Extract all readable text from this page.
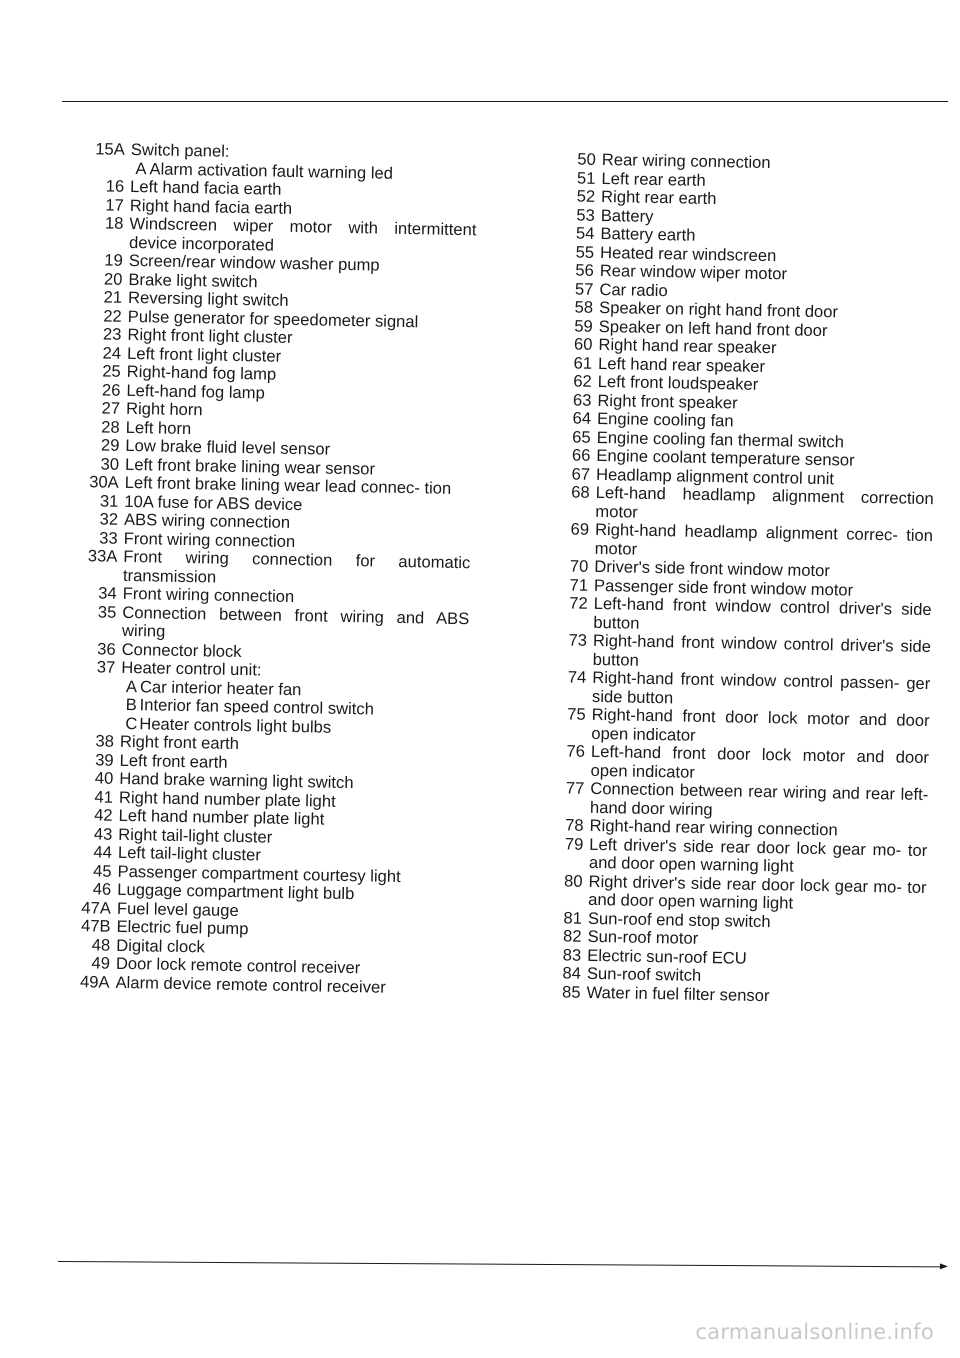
15A Switch panel:
A Alarm activation fault warning led
16 Left hand facia earth
17 Right hand facia earth
18 Windscreen wiper motor with intermittent device incorporated
19 Screen/rear window washer pump
20 Brake light switch
21 Reversing light switch
22 Pulse generator for speedometer signal
23 Right front light cluster
24 Left front light cluster
25 Right-hand fog lamp
26 Left-hand fog lamp
27 Right horn
28 Left horn
29 Low brake fluid level sensor
30 Left front brake lining wear sensor
30A Left front brake lining wear lead connec- tion
31 10A fuse for ABS device
32 ABS wiring connection
33 Front wiring connection
33A Front wiring connection for automatic transmission
34 Front wiring connection
35 Connection between front wiring and ABS wiring
36 Connector block
37 Heater control unit:
A Car interior heater fan
B Interior fan speed control switch
C Heater controls light bulbs
38 Right front earth
39 Left front earth
40 Hand brake warning light switch
41 Right hand number plate light
42 Left hand number plate light
43 Right tail-light cluster
44 Left tail-light cluster
45 Passenger compartment courtesy light
46 Luggage compartment light bulb
47A Fuel level gauge
47B Electric fuel pump
48 Digital clock
49 Door lock remote control receiver
49A Alarm device remote control receiver
50 Rear wiring connection
51 Left rear earth
52 Right rear earth
53 Battery
54 Battery earth
55 Heated rear windscreen
56 Rear window wiper motor
57 Car radio
58 Speaker on right hand front door
59 Speaker on left hand front door
60 Right hand rear speaker
61 Left hand rear speaker
62 Left front loudspeaker
63 Right front speaker
64 Engine cooling fan
65 Engine cooling fan thermal switch
66 Engine coolant temperature sensor
67 Headlamp alignment control unit
68 Left-hand headlamp alignment correction motor
69 Right-hand headlamp alignment correc- tion motor
70 Driver's side front window motor
71 Passenger side front window motor
72 Left-hand front window control driver's side button
73 Right-hand front window control driver's side button
74 Right-hand front window control passen- ger side button
75 Right-hand front door lock motor and door open indicator
76 Left-hand front door lock motor and door open indicator
77 Connection between rear wiring and rear left-hand door wiring
78 Right-hand rear wiring connection
79 Left driver's side rear door lock gear mo- tor and door open warning light
80 Right driver's side rear door lock gear mo- tor and door open warning light
81 Sun-roof end stop switch
82 Sun-roof motor
83 Electric sun-roof ECU
84 Sun-roof switch
85 Water in fuel filter sensor
carmanualsonline.info
